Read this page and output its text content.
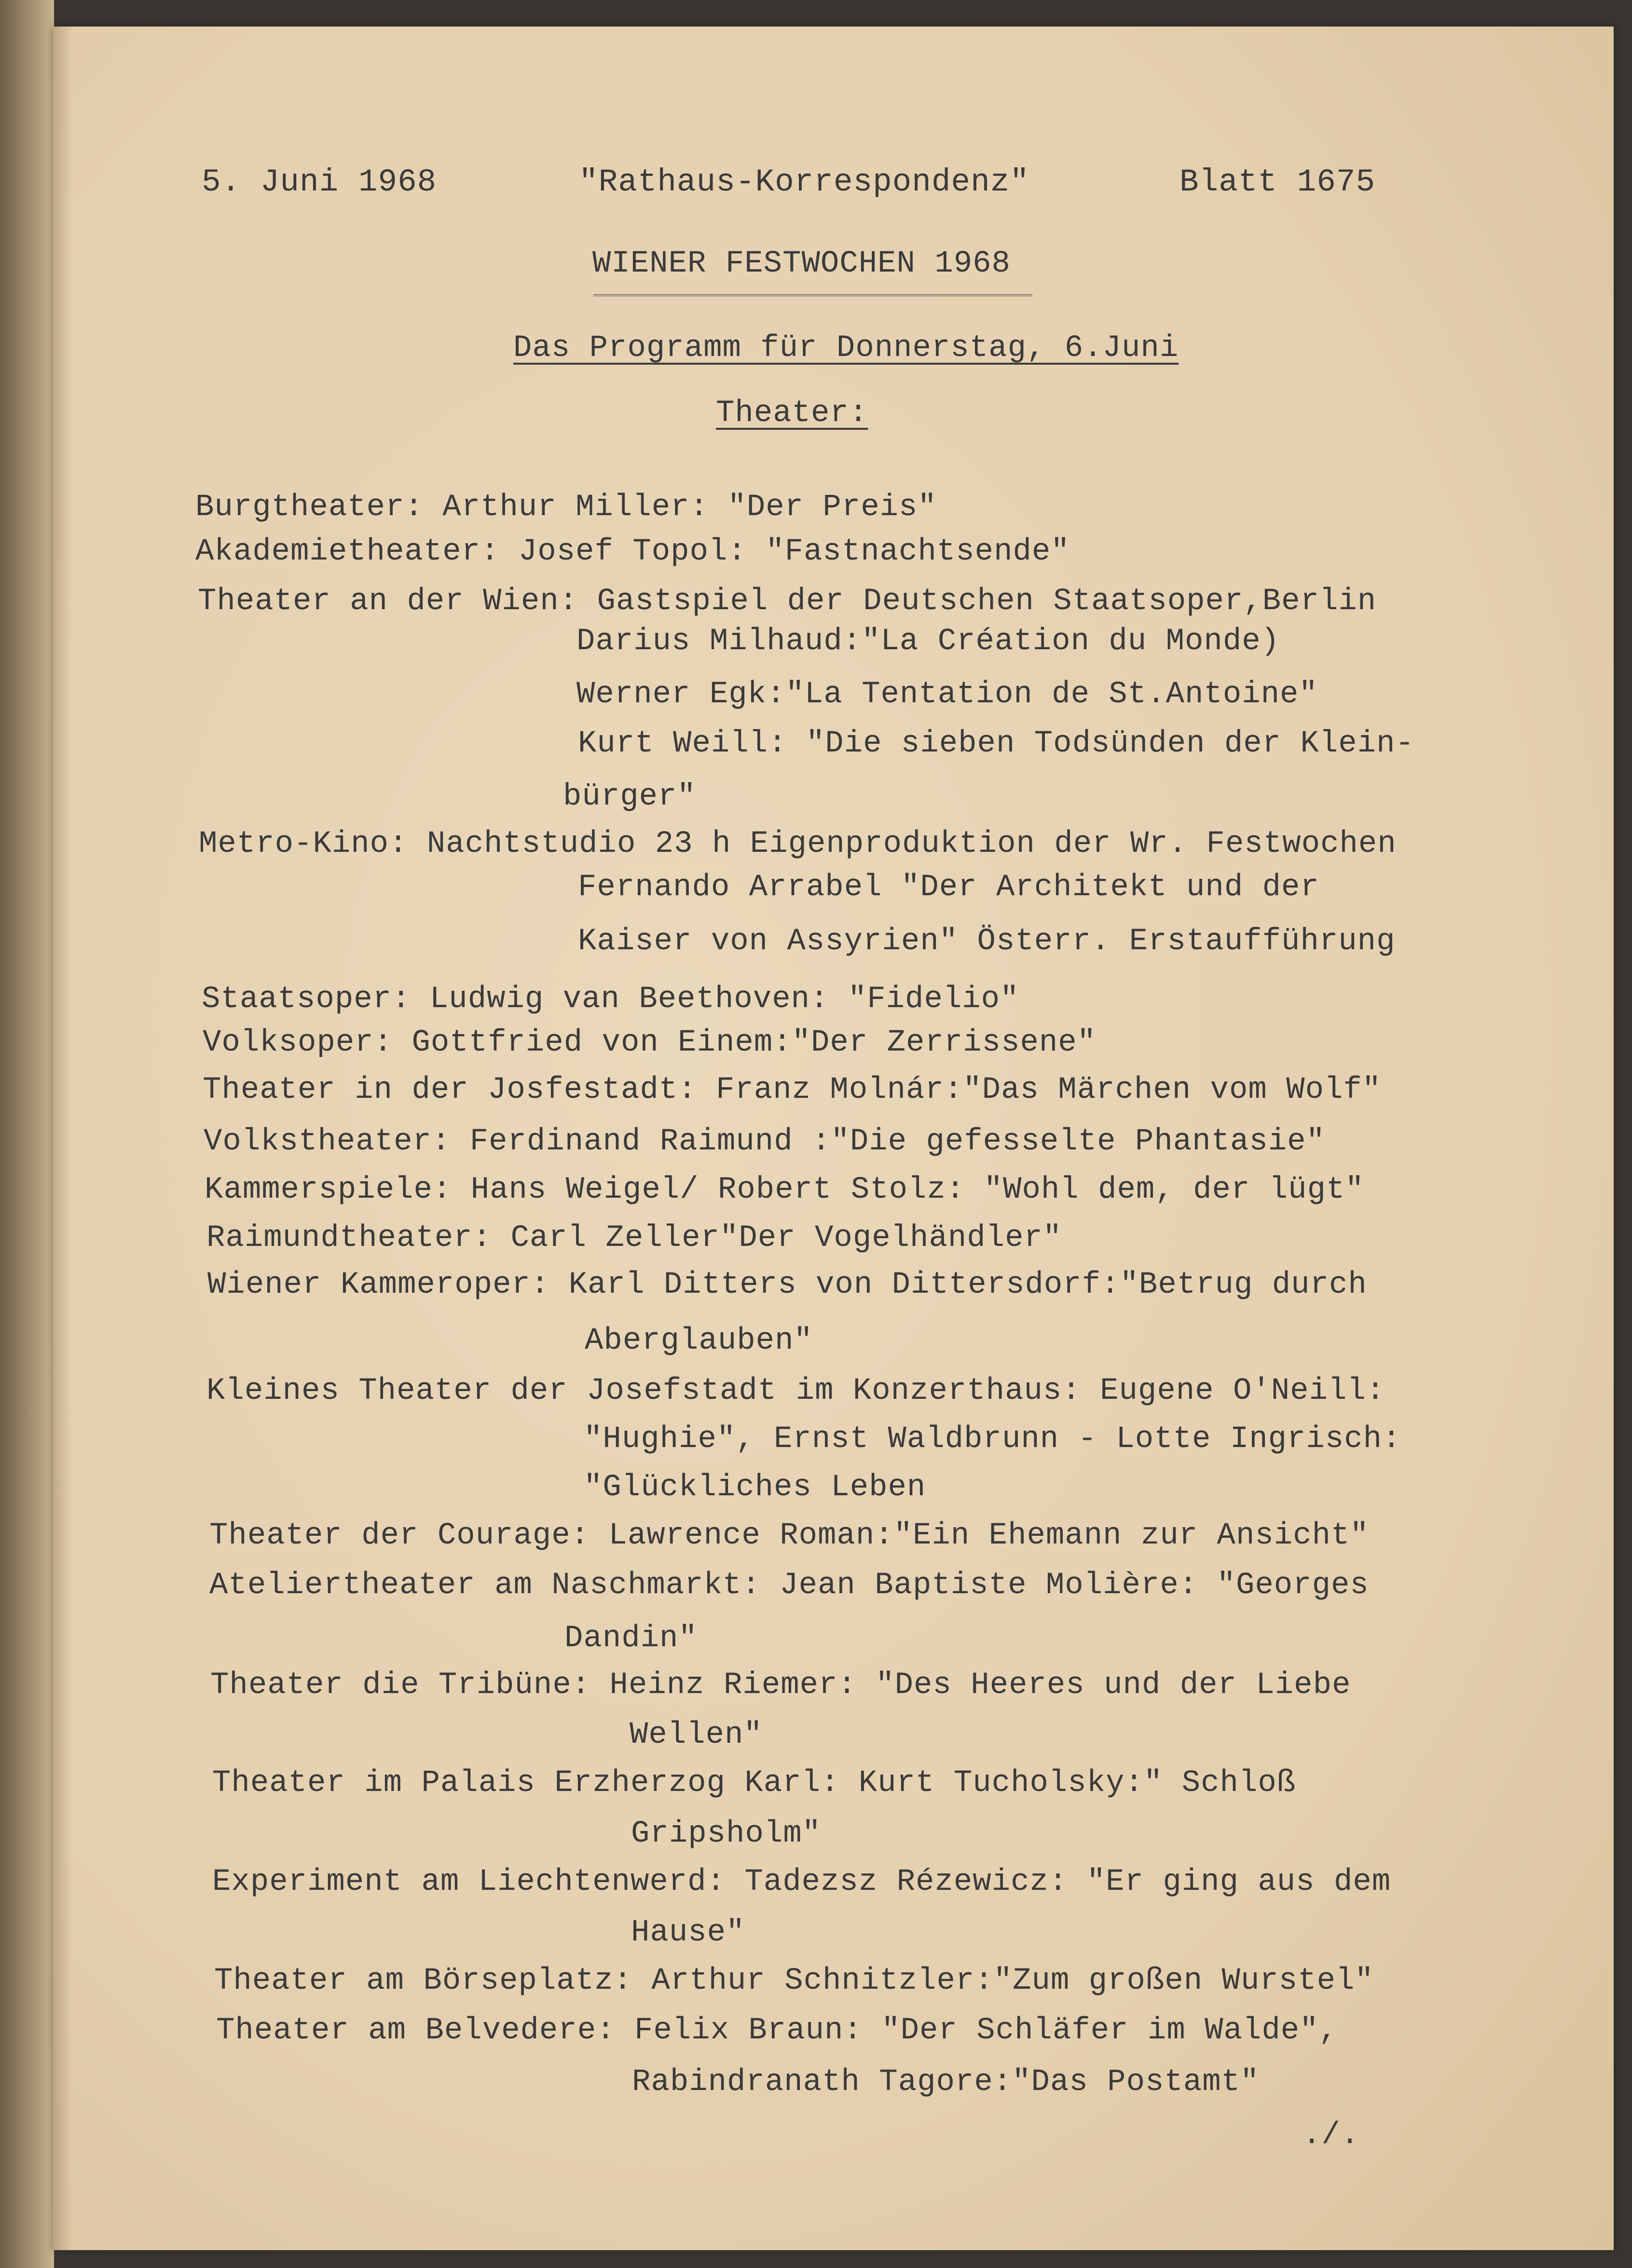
5. Juni 1968	"Rathaus-Korrespondenz"	Blatt 1675
WIENER FESTWOCHEN 1968
Das Programm für Donnerstag, 6.Juni
Theater:
Burgtheater: Arthur Miller: "Der Preis"
Akademietheater: Josef Topol: "Fastnachtsende"
Theater an der Wien: Gastspiel der Deutschen Staatsoper,Berlin
Darius Milhaud:"La Création du Monde)
Werner Egk:"La Tentation de St.Antoine"
Kurt Weill: "Die sieben Todsünden der Klein-
bürger"
Metro-Kino: Nachtstudio 23 h Eigenproduktion der Wr. Festwochen
Fernando Arrabel "Der Architekt und der
Kaiser von Assyrien" Österr. Erstaufführung
Staatsoper: Ludwig van Beethoven: "Fidelio"
Volksoper: Gottfried von Einem:"Der Zerrissene"
Theater in der Josfestadt: Franz Molnár:"Das Märchen vom Wolf"
Volkstheater: Ferdinand Raimund :"Die gefesselte Phantasie"
Kammerspiele: Hans Weigel/ Robert Stolz: "Wohl dem, der lügt"
Raimundtheater: Carl Zeller"Der Vogelhändler"
Wiener Kammeroper: Karl Ditters von Dittersdorf:"Betrug durch
Aberglauben"
Kleines Theater der Josefstadt im Konzerthaus: Eugene O'Neill:
"Hughie", Ernst Waldbrunn - Lotte Ingrisch:
"Glückliches Leben
Theater der Courage: Lawrence Roman:"Ein Ehemann zur Ansicht"
Ateliertheater am Naschmarkt: Jean Baptiste Molière: "Georges
Dandin"
Theater die Tribüne: Heinz Riemer: "Des Heeres und der Liebe
Wellen"
Theater im Palais Erzherzog Karl: Kurt Tucholsky:" Schloß
Gripsholm"
Experiment am Liechtenwerd: Tadezsz Rézewicz: "Er ging aus dem
Hause"
Theater am Börseplatz: Arthur Schnitzler:"Zum großen Wurstel"
Theater am Belvedere: Felix Braun: "Der Schläfer im Walde",
Rabindranath Tagore:"Das Postamt"
./.
